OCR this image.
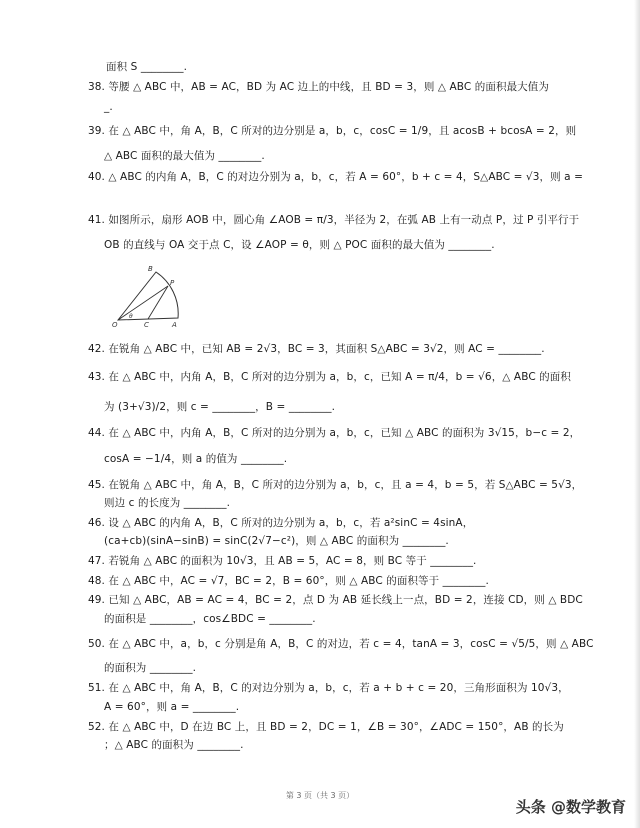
面积 S ________.
38. 等腰 △ ABC 中，AB = AC，BD 为 AC 边上的中线，且 BD = 3，则 △ ABC 的面积最大值为
_.
39. 在 △ ABC 中，角 A，B，C 所对的边分别是 a，b，c，cosC = 1/9，且 acosB + bcosA = 2，则
△ ABC 面积的最大值为 ________.
40. △ ABC 的内角 A，B，C 的对边分别为 a，b，c，若 A = 60°，b + c = 4，S△ABC = √3，则 a =
41. 如图所示，扇形 AOB 中，圆心角 ∠AOB = π/3，半径为 2，在弧 AB 上有一动点 P，过 P 引平行于
OB 的直线与 OA 交于点 C，设 ∠AOP = θ，则 △ POC 面积的最大值为 ________.
B
P
O	C	A
θ
42. 在锐角 △ ABC 中，已知 AB = 2√3，BC = 3，其面积 S△ABC = 3√2，则 AC = ________.
43. 在 △ ABC 中，内角 A，B，C 所对的边分别为 a，b，c，已知 A = π/4，b = √6，△ ABC 的面积
为 (3+√3)/2，则 c = ________，B = ________.
44. 在 △ ABC 中，内角 A，B，C 所对的边分别为 a，b，c，已知 △ ABC 的面积为 3√15，b−c = 2，
cosA = −1/4，则 a 的值为 ________.
45. 在锐角 △ ABC 中，角 A，B，C 所对的边分别为 a，b，c，且 a = 4，b = 5，若 S△ABC = 5√3，
则边 c 的长度为 ________.
46. 设 △ ABC 的内角 A，B，C 所对的边分别为 a，b，c，若 a²sinC = 4sinA，
(ca+cb)(sinA−sinB) = sinC(2√7−c²)，则 △ ABC 的面积为 ________.
47. 若锐角 △ ABC 的面积为 10√3，且 AB = 5，AC = 8，则 BC 等于 ________.
48. 在 △ ABC 中，AC = √7，BC = 2，B = 60°，则 △ ABC 的面积等于 ________.
49. 已知 △ ABC，AB = AC = 4，BC = 2，点 D 为 AB 延长线上一点，BD = 2，连接 CD，则 △ BDC
的面积是 ________，cos∠BDC = ________.
50. 在 △ ABC 中，a，b，c 分别是角 A，B，C 的对边，若 c = 4，tanA = 3，cosC = √5/5，则 △ ABC
的面积为 ________.
51. 在 △ ABC 中，角 A，B，C 的对边分别为 a，b，c，若 a + b + c = 20，三角形面积为 10√3，
A = 60°，则 a = ________.
52. 在 △ ABC 中，D 在边 BC 上，且 BD = 2，DC = 1，∠B = 30°，∠ADC = 150°，AB 的长为
；△ ABC 的面积为 ________.
第 3 页（共 3 页）
头条 @数学教育
